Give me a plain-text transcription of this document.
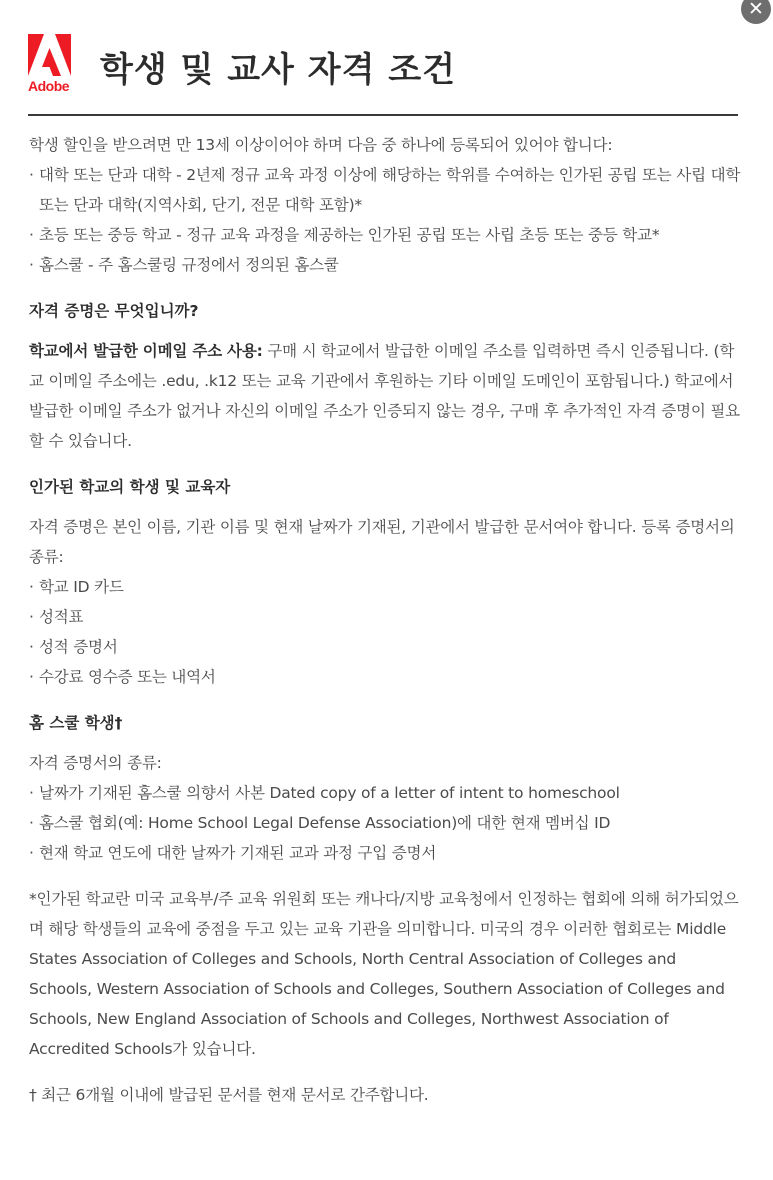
✕
Adobe 학생 및 교사 자격 조건

학생 할인을 받으려면 만 13세 이상이어야 하며 다음 중 하나에 등록되어 있어야 합니다:

· 대학 또는 단과 대학 - 2년제 정규 교육 과정 이상에 해당하는 학위를 수여하는 인가된 공립 또는 사립 대학 또는 단과 대학(지역사회, 단기, 전문 대학 포함)*

· 초등 또는 중등 학교 - 정규 교육 과정을 제공하는 인가된 공립 또는 사립 초등 또는 중등 학교*

· 홈스쿨 - 주 홈스쿨링 규정에서 정의된 홈스쿨

자격 증명은 무엇입니까?

학교에서 발급한 이메일 주소 사용: 구매 시 학교에서 발급한 이메일 주소를 입력하면 즉시 인증됩니다. (학교 이메일 주소에는 .edu, .k12 또는 교육 기관에서 후원하는 기타 이메일 도메인이 포함됩니다.) 학교에서 발급한 이메일 주소가 없거나 자신의 이메일 주소가 인증되지 않는 경우, 구매 후 추가적인 자격 증명이 필요할 수 있습니다.

인가된 학교의 학생 및 교육자

자격 증명은 본인 이름, 기관 이름 및 현재 날짜가 기재된, 기관에서 발급한 문서여야 합니다. 등록 증명서의 종류:

· 학교 ID 카드

· 성적표

· 성적 증명서

· 수강료 영수증 또는 내역서

홈 스쿨 학생†

자격 증명서의 종류:

· 날짜가 기재된 홈스쿨 의향서 사본 Dated copy of a letter of intent to homeschool

· 홈스쿨 협회(예: Home School Legal Defense Association)에 대한 현재 멤버십 ID

· 현재 학교 연도에 대한 날짜가 기재된 교과 과정 구입 증명서

*인가된 학교란 미국 교육부/주 교육 위원회 또는 캐나다/지방 교육청에서 인정하는 협회에 의해 허가되었으며 해당 학생들의 교육에 중점을 두고 있는 교육 기관을 의미합니다. 미국의 경우 이러한 협회로는 Middle States Association of Colleges and Schools, North Central Association of Colleges and Schools, Western Association of Schools and Colleges, Southern Association of Colleges and Schools, New England Association of Schools and Colleges, Northwest Association of Accredited Schools가 있습니다.

† 최근 6개월 이내에 발급된 문서를 현재 문서로 간주합니다.
